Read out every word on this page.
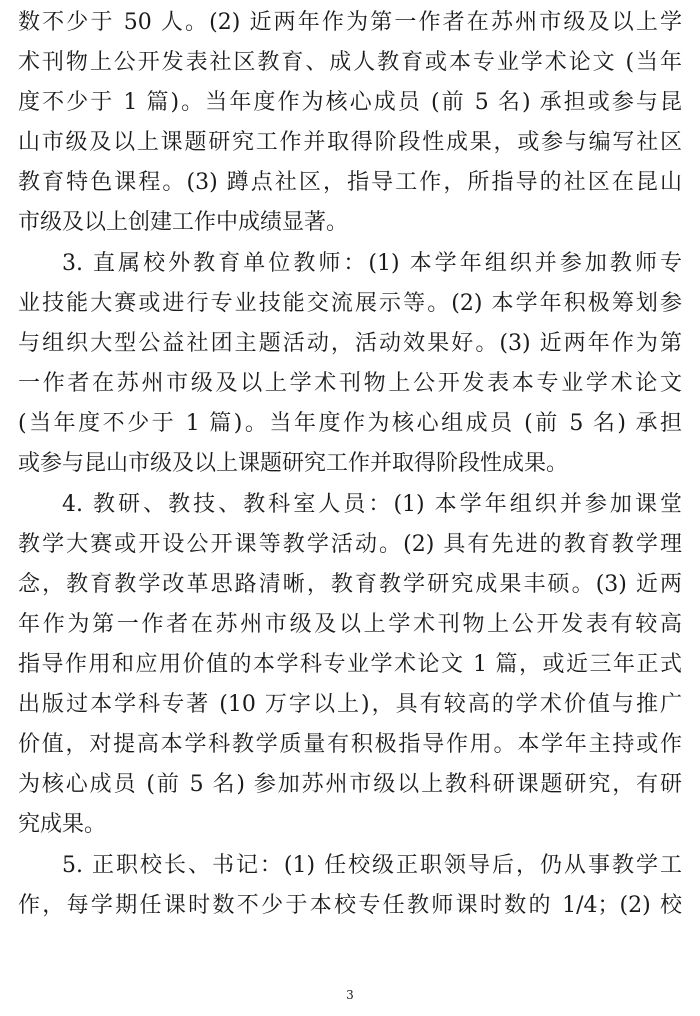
数不少于 50 人。(2) 近两年作为第一作者在苏州市级及以上学
术刊物上公开发表社区教育、成人教育或本专业学术论文 (当年
度不少于 1 篇)。当年度作为核心成员 (前 5 名) 承担或参与昆
山市级及以上课题研究工作并取得阶段性成果，或参与编写社区
教育特色课程。(3) 蹲点社区，指导工作，所指导的社区在昆山
市级及以上创建工作中成绩显著。
3. 直属校外教育单位教师：(1) 本学年组织并参加教师专
业技能大赛或进行专业技能交流展示等。(2) 本学年积极筹划参
与组织大型公益社团主题活动，活动效果好。(3) 近两年作为第
一作者在苏州市级及以上学术刊物上公开发表本专业学术论文
(当年度不少于 1 篇)。当年度作为核心组成员 (前 5 名) 承担
或参与昆山市级及以上课题研究工作并取得阶段性成果。
4. 教研、教技、教科室人员：(1) 本学年组织并参加课堂
教学大赛或开设公开课等教学活动。(2) 具有先进的教育教学理
念，教育教学改革思路清晰，教育教学研究成果丰硕。(3) 近两
年作为第一作者在苏州市级及以上学术刊物上公开发表有较高
指导作用和应用价值的本学科专业学术论文 1 篇，或近三年正式
出版过本学科专著 (10 万字以上)，具有较高的学术价值与推广
价值，对提高本学科教学质量有积极指导作用。本学年主持或作
为核心成员 (前 5 名) 参加苏州市级以上教科研课题研究，有研
究成果。
5. 正职校长、书记：(1) 任校级正职领导后，仍从事教学工
作，每学期任课时数不少于本校专任教师课时数的 1/4；(2) 校
3
